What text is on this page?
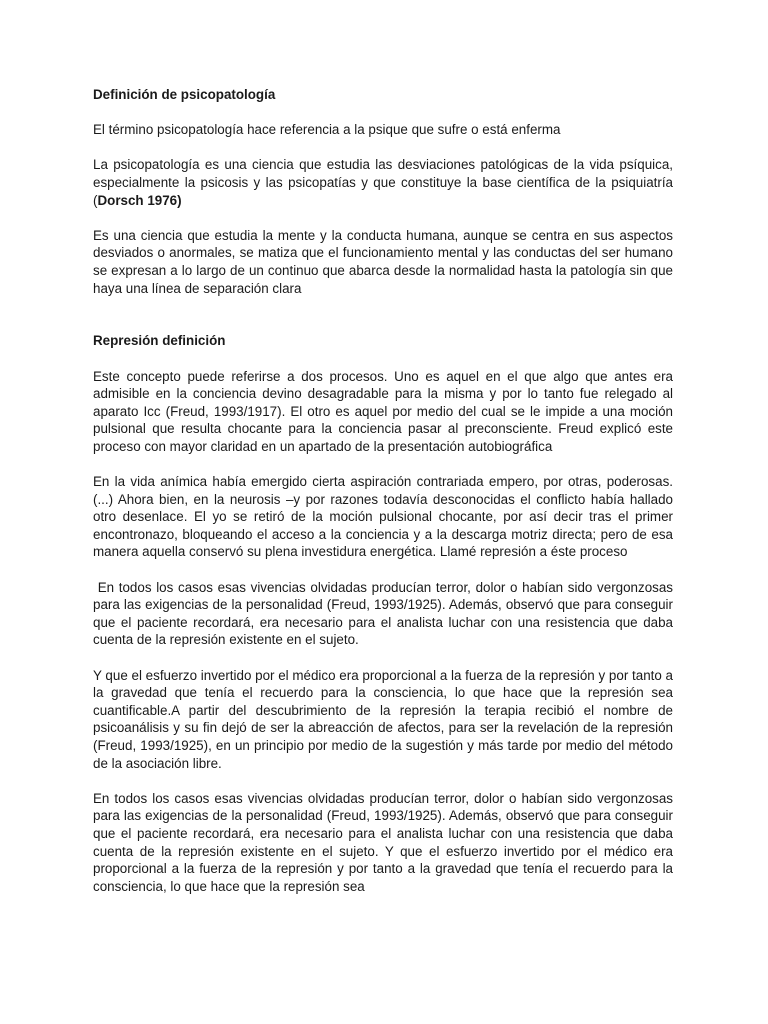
Definición de psicopatología

El término psicopatología hace referencia a la psique que sufre o está enferma

La psicopatología es una ciencia que estudia las desviaciones patológicas de la vida psíquica, especialmente la psicosis y las psicopatías y que constituye la base científica de la psiquiatría (Dorsch 1976)

Es una ciencia que estudia la mente y la conducta humana, aunque se centra en sus aspectos desviados o anormales, se matiza que el funcionamiento mental y las conductas del ser humano se expresan a lo largo de un continuo que abarca desde la normalidad hasta la patología sin que haya una línea de separación clara

Represión definición

Este concepto puede referirse a dos procesos. Uno es aquel en el que algo que antes era admisible en la conciencia devino desagradable para la misma y por lo tanto fue relegado al aparato Icc (Freud, 1993/1917). El otro es aquel por medio del cual se le impide a una moción pulsional que resulta chocante para la conciencia pasar al preconsciente. Freud explicó este proceso con mayor claridad en un apartado de la presentación autobiográfica

En la vida anímica había emergido cierta aspiración contrariada empero, por otras, poderosas. (...) Ahora bien, en la neurosis –y por razones todavía desconocidas el conflicto había hallado otro desenlace. El yo se retiró de la moción pulsional chocante, por así decir tras el primer encontronazo, bloqueando el acceso a la conciencia y a la descarga motriz directa; pero de esa manera aquella conservó su plena investidura energética. Llamé represión a éste proceso

En todos los casos esas vivencias olvidadas producían terror, dolor o habían sido vergonzosas para las exigencias de la personalidad (Freud, 1993/1925). Además, observó que para conseguir que el paciente recordará, era necesario para el analista luchar con una resistencia que daba cuenta de la represión existente en el sujeto.

Y que el esfuerzo invertido por el médico era proporcional a la fuerza de la represión y por tanto a la gravedad que tenía el recuerdo para la consciencia, lo que hace que la represión sea cuantificable.A partir del descubrimiento de la represión la terapia recibió el nombre de psicoanálisis y su fin dejó de ser la abreacción de afectos, para ser la revelación de la represión (Freud, 1993/1925), en un principio por medio de la sugestión y más tarde por medio del método de la asociación libre.

En todos los casos esas vivencias olvidadas producían terror, dolor o habían sido vergonzosas para las exigencias de la personalidad (Freud, 1993/1925). Además, observó que para conseguir que el paciente recordará, era necesario para el analista luchar con una resistencia que daba cuenta de la represión existente en el sujeto. Y que el esfuerzo invertido por el médico era proporcional a la fuerza de la represión y por tanto a la gravedad que tenía el recuerdo para la consciencia, lo que hace que la represión sea
